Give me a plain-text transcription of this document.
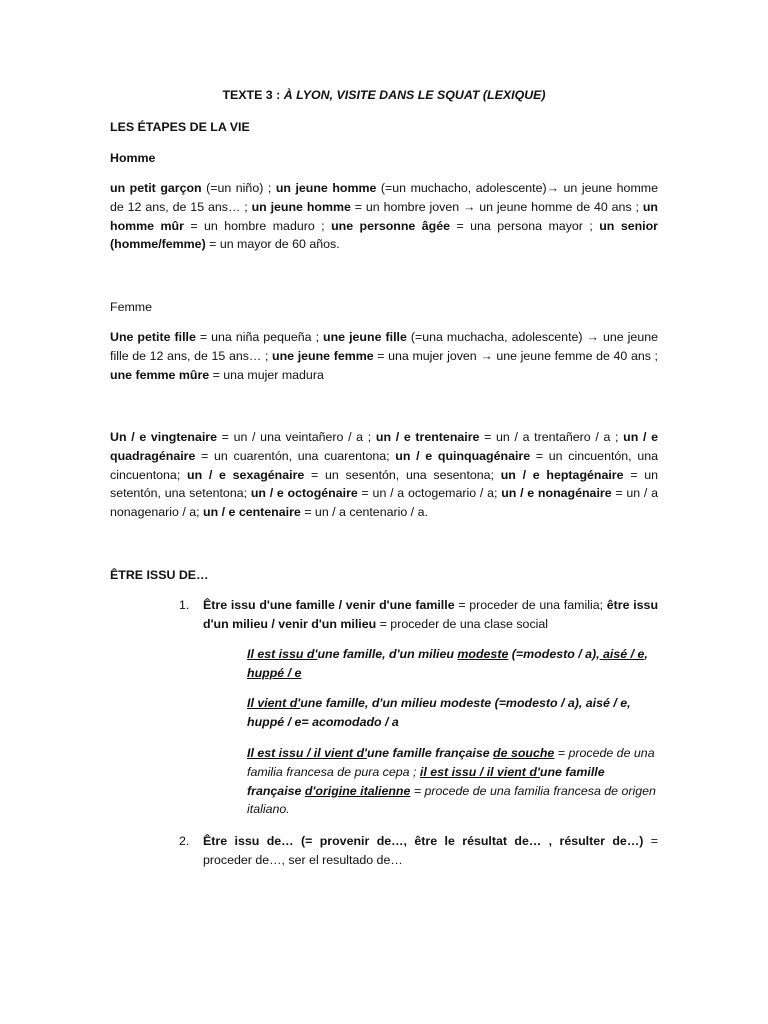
TEXTE 3 : À LYON, VISITE DANS LE SQUAT (LEXIQUE)

LES ÉTAPES DE LA VIE

Homme

un petit garçon (=un niño) ; un jeune homme (=un muchacho, adolescente)→ un jeune homme de 12 ans, de 15 ans… ; un jeune homme = un hombre joven → un jeune homme de 40 ans ; un homme mûr = un hombre maduro ; une personne âgée = una persona mayor ; un senior (homme/femme) = un mayor de 60 años.

Femme

Une petite fille = una niña pequeña ; une jeune fille (=una muchacha, adolescente) → une jeune fille de 12 ans, de 15 ans… ; une jeune femme = una mujer joven → une jeune femme de 40 ans ; une femme mûre = una mujer madura

Un / e vingtenaire = un / una veintañero / a ; un / e trentenaire = un / a trentañero / a ; un / e quadragénaire = un cuarentón, una cuarentona; un / e quinquagénaire = un cincuentón, una cincuentona; un / e sexagénaire = un sesentón, una sesentona; un / e heptagénaire = un setentón, una setentona; un / e octogénaire = un / a octogemario / a; un / e nonagénaire = un / a nonagenario / a; un / e centenaire = un / a centenario / a.

ÊTRE ISSU DE…

1. Être issu d'une famille / venir d'une famille = proceder de una familia; être issu d'un milieu / venir d'un milieu = proceder de una clase social

Il est issu d'une famille, d'un milieu modeste (=modesto / a), aisé / e, huppé / e

Il vient d'une famille, d'un milieu modeste (=modesto / a), aisé / e, huppé / e= acomodado / a

Il est issu / il vient d'une famille française de souche = procede de una familia francesa de pura cepa ; il est issu / il vient d'une famille française d'origine italienne = procede de una familia francesa de origen italiano.

2. Être issu de… (= provenir de…, être le résultat de… , résulter de…) = proceder de…, ser el resultado de…
